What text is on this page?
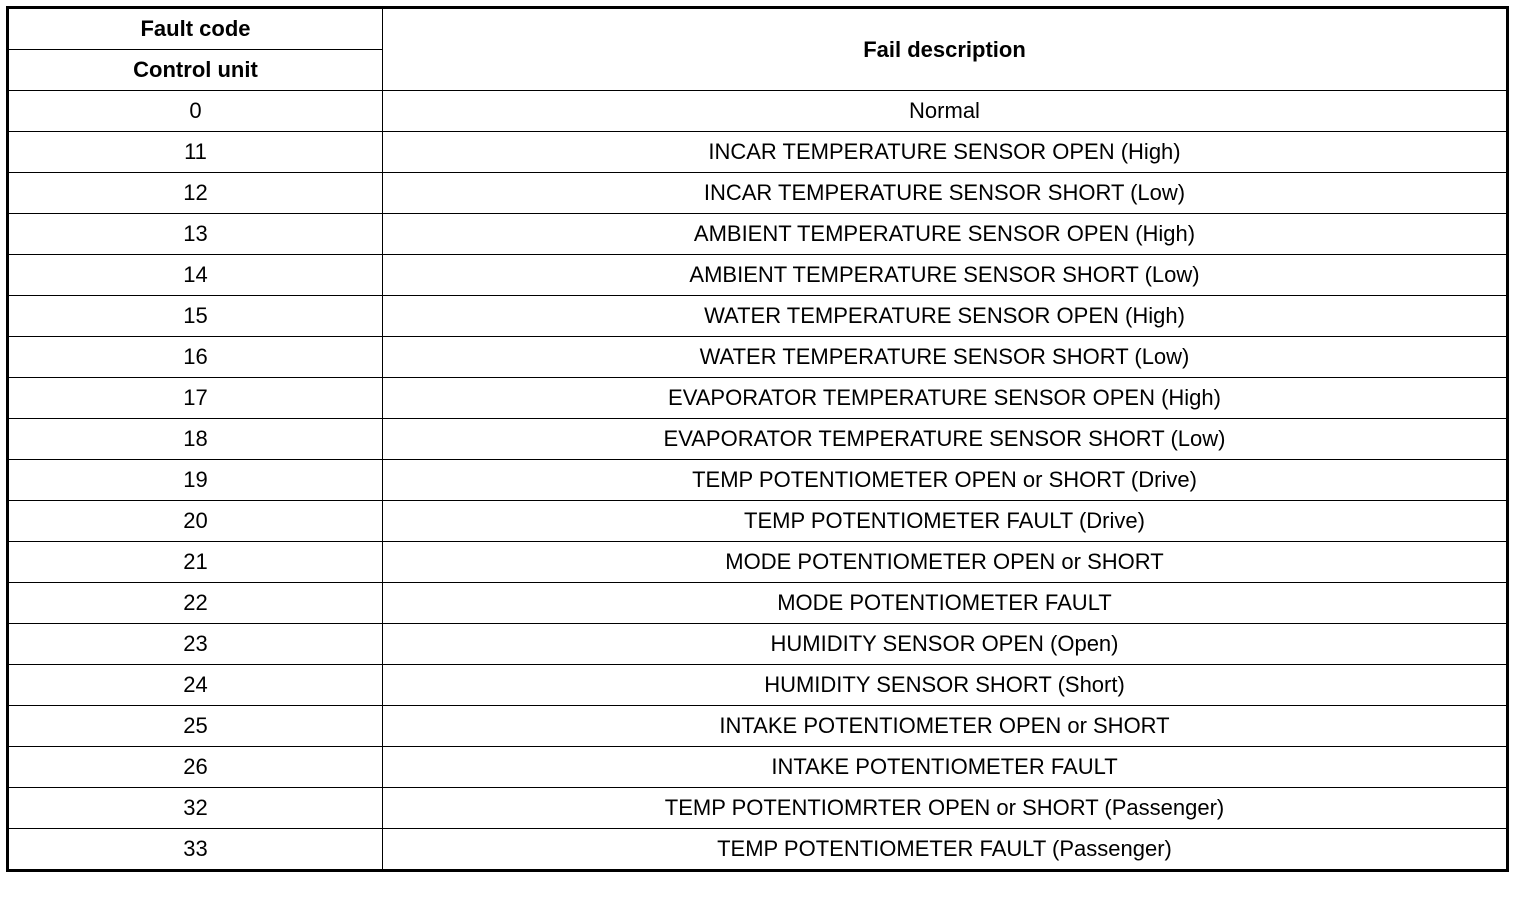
Fault code	Fail description
Control unit	
0	Normal
11	INCAR TEMPERATURE SENSOR OPEN (High)
12	INCAR TEMPERATURE SENSOR SHORT (Low)
13	AMBIENT TEMPERATURE SENSOR OPEN (High)
14	AMBIENT TEMPERATURE SENSOR SHORT (Low)
15	WATER TEMPERATURE SENSOR OPEN (High)
16	WATER TEMPERATURE SENSOR SHORT (Low)
17	EVAPORATOR TEMPERATURE SENSOR OPEN (High)
18	EVAPORATOR TEMPERATURE SENSOR SHORT (Low)
19	TEMP POTENTIOMETER OPEN or SHORT (Drive)
20	TEMP POTENTIOMETER FAULT (Drive)
21	MODE POTENTIOMETER OPEN or SHORT
22	MODE POTENTIOMETER FAULT
23	HUMIDITY SENSOR OPEN (Open)
24	HUMIDITY SENSOR SHORT (Short)
25	INTAKE POTENTIOMETER OPEN or SHORT
26	INTAKE POTENTIOMETER FAULT
32	TEMP POTENTIOMRTER OPEN or SHORT (Passenger)
33	TEMP POTENTIOMETER FAULT (Passenger)
